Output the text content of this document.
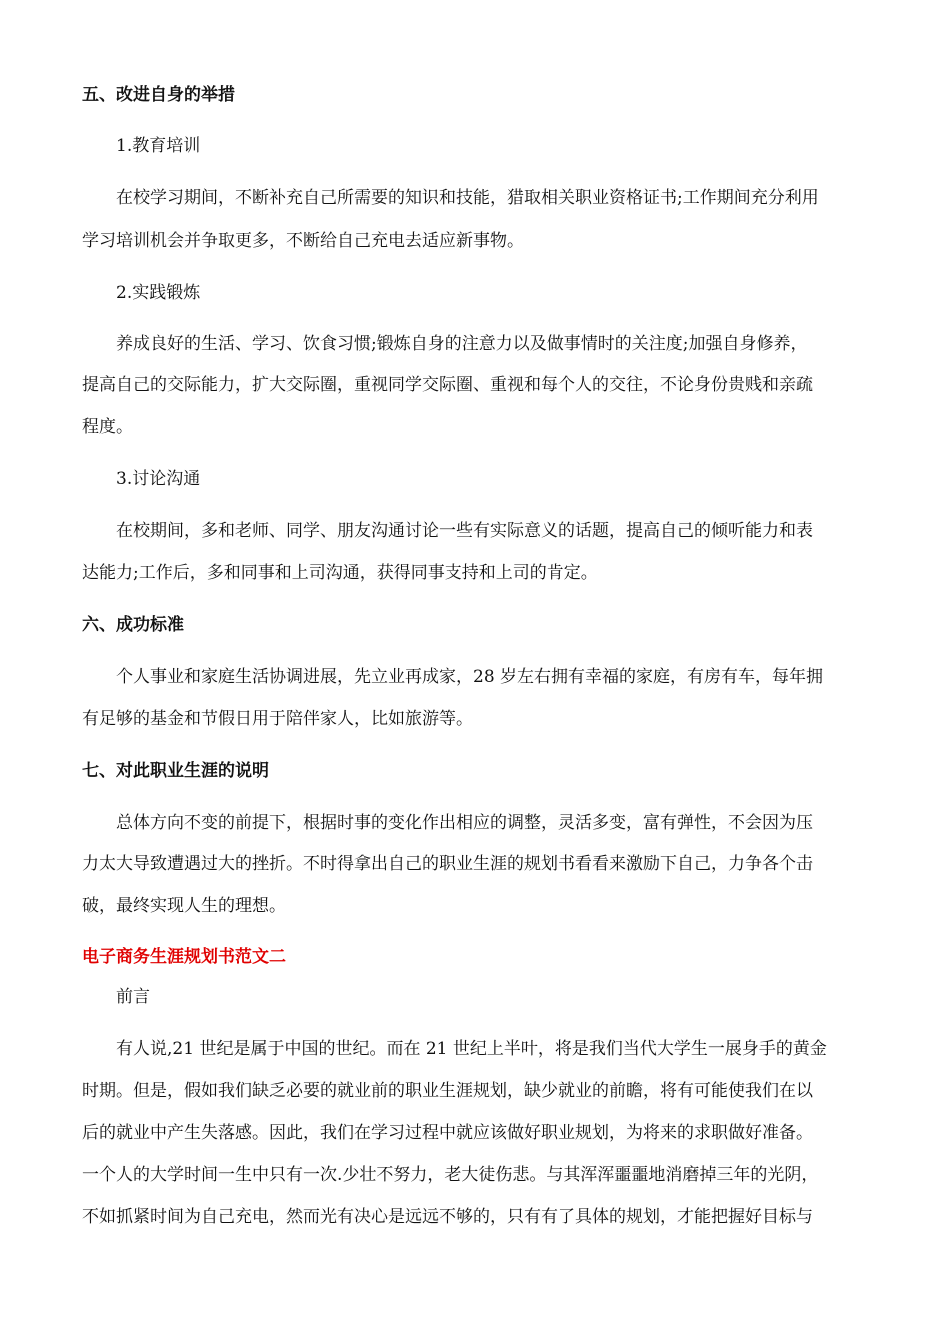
五、改进自身的举措
1.教育培训
在校学习期间，不断补充自己所需要的知识和技能，猎取相关职业资格证书;工作期间充分利用
学习培训机会并争取更多，不断给自己充电去适应新事物。
2.实践锻炼
养成良好的生活、学习、饮食习惯;锻炼自身的注意力以及做事情时的关注度;加强自身修养，
提高自己的交际能力，扩大交际圈，重视同学交际圈、重视和每个人的交往，不论身份贵贱和亲疏
程度。
3.讨论沟通
在校期间，多和老师、同学、朋友沟通讨论一些有实际意义的话题，提高自己的倾听能力和表
达能力;工作后，多和同事和上司沟通，获得同事支持和上司的肯定。
六、成功标准
个人事业和家庭生活协调进展，先立业再成家，28 岁左右拥有幸福的家庭，有房有车，每年拥
有足够的基金和节假日用于陪伴家人，比如旅游等。
七、对此职业生涯的说明
总体方向不变的前提下，根据时事的变化作出相应的调整，灵活多变，富有弹性，不会因为压
力太大导致遭遇过大的挫折。不时得拿出自己的职业生涯的规划书看看来激励下自己，力争各个击
破，最终实现人生的理想。
电子商务生涯规划书范文二
前言
有人说,21 世纪是属于中国的世纪。而在 21 世纪上半叶，将是我们当代大学生一展身手的黄金
时期。但是，假如我们缺乏必要的就业前的职业生涯规划，缺少就业的前瞻，将有可能使我们在以
后的就业中产生失落感。因此，我们在学习过程中就应该做好职业规划，为将来的求职做好准备。
一个人的大学时间一生中只有一次.少壮不努力，老大徒伤悲。与其浑浑噩噩地消磨掉三年的光阴，
不如抓紧时间为自己充电，然而光有决心是远远不够的，只有有了具体的规划，才能把握好目标与
